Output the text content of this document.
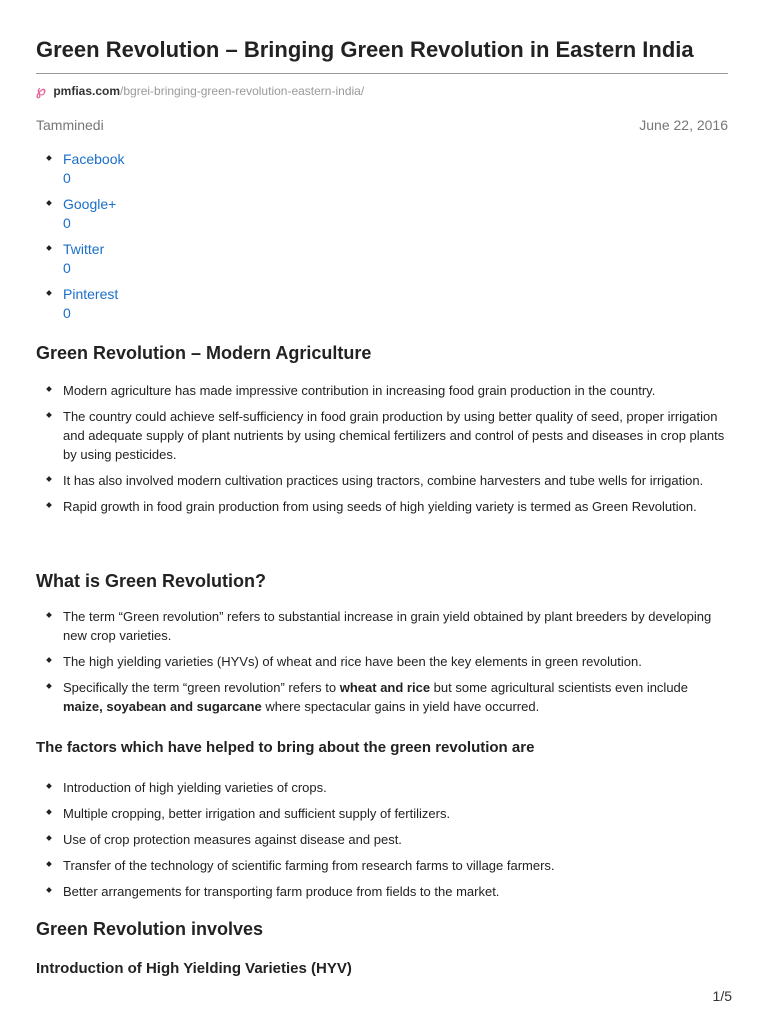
Green Revolution – Bringing Green Revolution in Eastern India
℘ pmfias.com/bgrei-bringing-green-revolution-eastern-india/
Tamminedi	June 22, 2016
Facebook
0
Google+
0
Twitter
0
Pinterest
0
Green Revolution – Modern Agriculture
Modern agriculture has made impressive contribution in increasing food grain production in the country.
The country could achieve self-sufficiency in food grain production by using better quality of seed, proper irrigation and adequate supply of plant nutrients by using chemical fertilizers and control of pests and diseases in crop plants by using pesticides.
It has also involved modern cultivation practices using tractors, combine harvesters and tube wells for irrigation.
Rapid growth in food grain production from using seeds of high yielding variety is termed as Green Revolution.
What is Green Revolution?
The term “Green revolution” refers to substantial increase in grain yield obtained by plant breeders by developing new crop varieties.
The high yielding varieties (HYVs) of wheat and rice have been the key elements in green revolution.
Specifically the term “green revolution” refers to wheat and rice but some agricultural scientists even include maize, soyabean and sugarcane where spectacular gains in yield have occurred.
The factors which have helped to bring about the green revolution are
Introduction of high yielding varieties of crops.
Multiple cropping, better irrigation and sufficient supply of fertilizers.
Use of crop protection measures against disease and pest.
Transfer of the technology of scientific farming from research farms to village farmers.
Better arrangements for transporting farm produce from fields to the market.
Green Revolution involves
Introduction of High Yielding Varieties (HYV)
1/5
